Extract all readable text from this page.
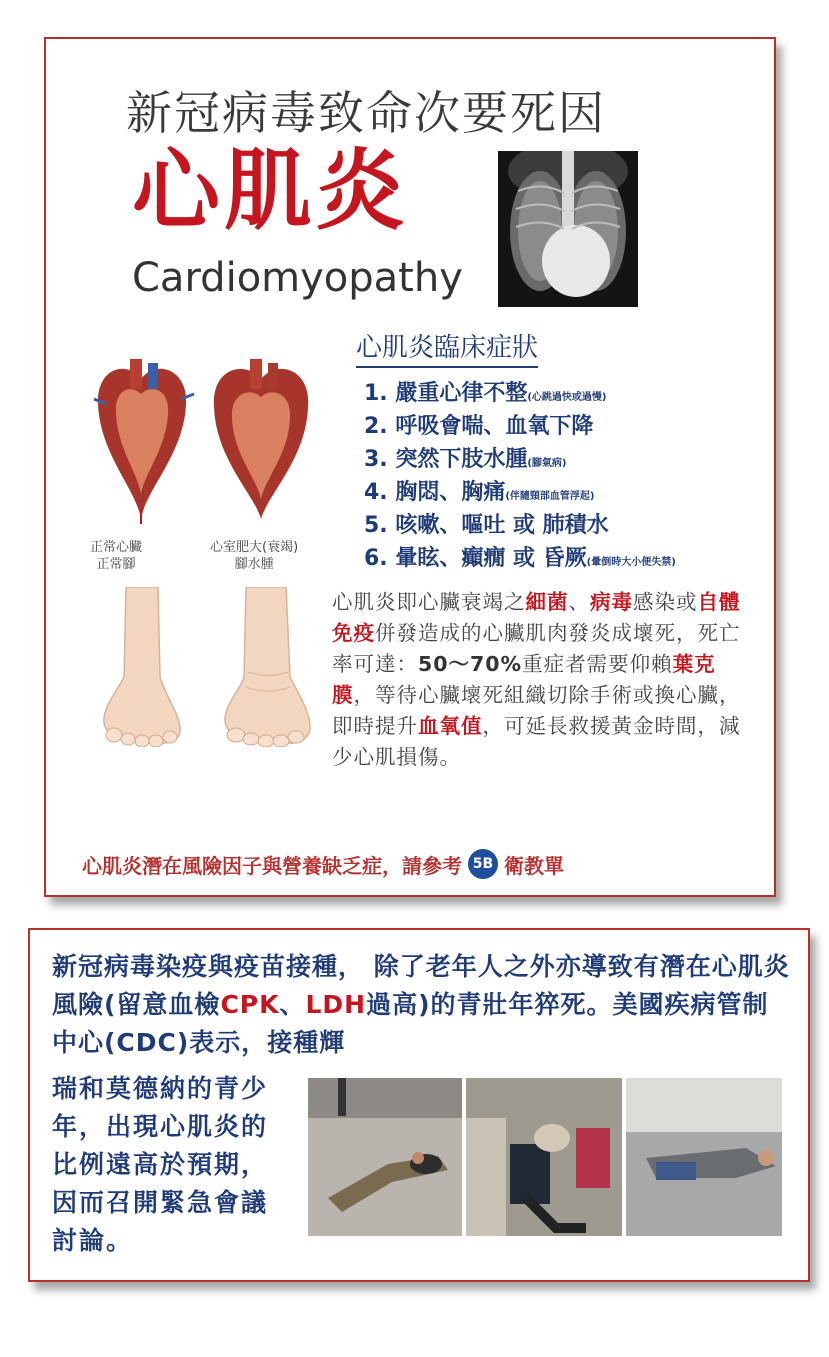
新冠病毒致命次要死因
心肌炎
Cardiomyopathy
心肌炎臨床症狀
1. 嚴重心律不整(心跳過快或過慢)
2. 呼吸會喘、血氧下降
3. 突然下肢水腫(腳氣病)
4. 胸悶、胸痛(伴隨頸部血管浮起)
5. 咳嗽、嘔吐 或 肺積水
6. 暈眩、癲癇 或 昏厥(暈倒時大小便失禁)
正常心臟
正常腳
心室肥大(衰竭)
腳水腫
心肌炎即心臟衰竭之細菌、病毒感染或自體免疫併發造成的心臟肌肉發炎成壞死，死亡率可達：50～70%重症者需要仰賴葉克膜，等待心臟壞死組織切除手術或換心臟，即時提升血氧值，可延長救援黃金時間，減少心肌損傷。
心肌炎潛在風險因子與營養缺乏症，請參考 5B 衛教單
新冠病毒染疫與疫苗接種， 除了老年人之外亦導致有潛在心肌炎風險(留意血檢CPK、LDH過高)的青壯年猝死。美國疾病管制中心(CDC)表示，接種輝
瑞和莫德納的青少年，出現心肌炎的比例遠高於預期，因而召開緊急會議討論。
